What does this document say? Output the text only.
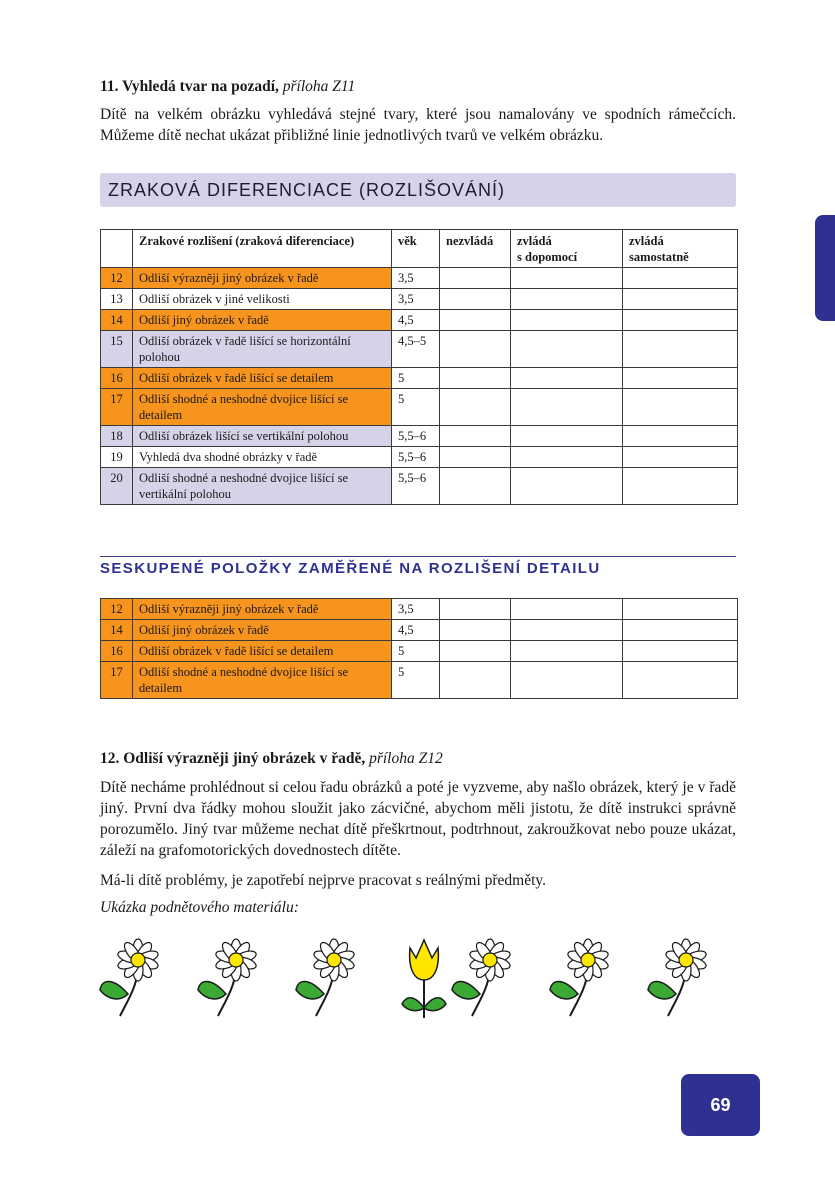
11. Vyhledá tvar na pozadí, příloha Z11
Dítě na velkém obrázku vyhledává stejné tvary, které jsou namalovány ve spodních rámečcích. Můžeme dítě nechat ukázat přibližné linie jednotlivých tvarů ve velkém obrázku.
ZRAKOVÁ DIFERENCIACE (ROZLIŠOVÁNÍ)
	Zrakové rozlišení (zraková diferenciace)	věk	nezvládá	zvládá
s dopomocí	zvládá
samostatně
12	Odliší výrazněji jiný obrázek v řadě	3,5			
13	Odliší obrázek v jiné velikosti	3,5			
14	Odliší jiný obrázek v řadě	4,5			
15	Odliší obrázek v řadě lišící se horizontální polohou	4,5–5			
16	Odliší obrázek v řadě lišící se detailem	5			
17	Odliší shodné a neshodné dvojice lišící se detailem	5			
18	Odliší obrázek lišící se vertikální polohou	5,5–6			
19	Vyhledá dva shodné obrázky v řadě	5,5–6			
20	Odliší shodné a neshodné dvojice lišící se vertikální polohou	5,5–6			
SESKUPENÉ POLOŽKY ZAMĚŘENÉ NA ROZLIŠENÍ DETAILU
12	Odliší výrazněji jiný obrázek v řadě	3,5			
14	Odliší jiný obrázek v řadě	4,5			
16	Odliší obrázek v řadě lišící se detailem	5			
17	Odliší shodné a neshodné dvojice lišící se detailem	5			
12. Odliší výrazněji jiný obrázek v řadě, příloha Z12
Dítě necháme prohlédnout si celou řadu obrázků a poté je vyzveme, aby našlo obrázek, který je v řadě jiný. První dva řádky mohou sloužit jako zácvičné, abychom měli jistotu, že dítě instrukci správně porozumělo. Jiný tvar můžeme nechat dítě přeškrtnout, podtrhnout, zakroužkovat nebo pouze ukázat, záleží na grafomotorických dovednostech dítěte.
Má-li dítě problémy, je zapotřebí nejprve pracovat s reálnými předměty.
Ukázka podnětového materiálu:
69
